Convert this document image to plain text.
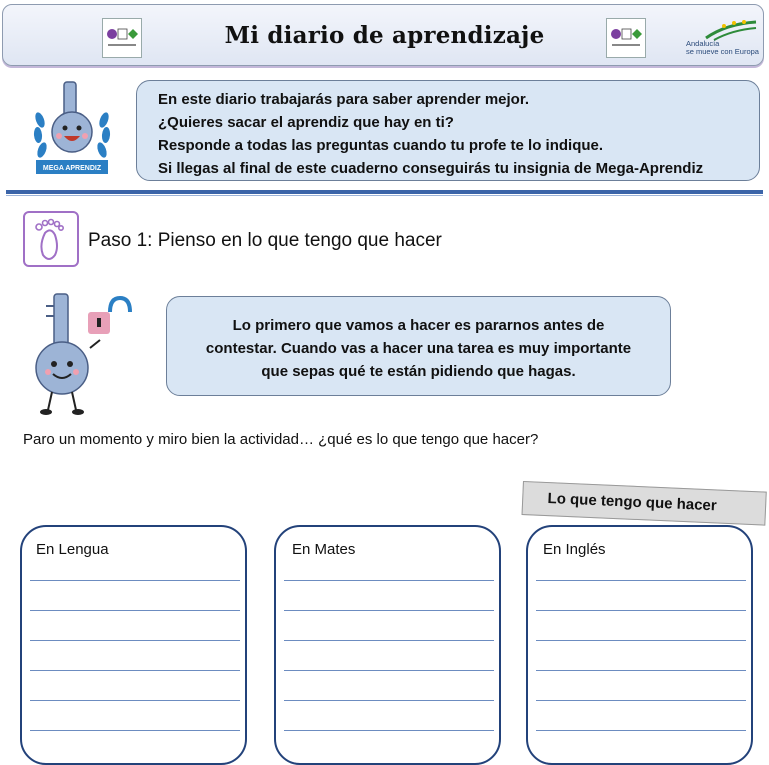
Mi diario de aprendizaje	Andalucía
se mueve con Europa
MEGA APRENDIZ
En este diario trabajarás para saber aprender mejor.
¿Quieres sacar el aprendiz que hay en ti?
Responde a todas las preguntas cuando tu profe te lo indique.
Si llegas al final de este cuaderno conseguirás tu insignia de Mega-Aprendiz
Paso 1: Pienso en lo que tengo que hacer
Lo primero que vamos a hacer es pararnos antes de
contestar. Cuando vas a hacer una tarea es muy importante
que sepas qué te están pidiendo que hagas.
Paro un momento y miro bien la actividad… ¿qué es lo que tengo que hacer?
Lo que tengo que hacer
En Lengua	En Mates	En Inglés
